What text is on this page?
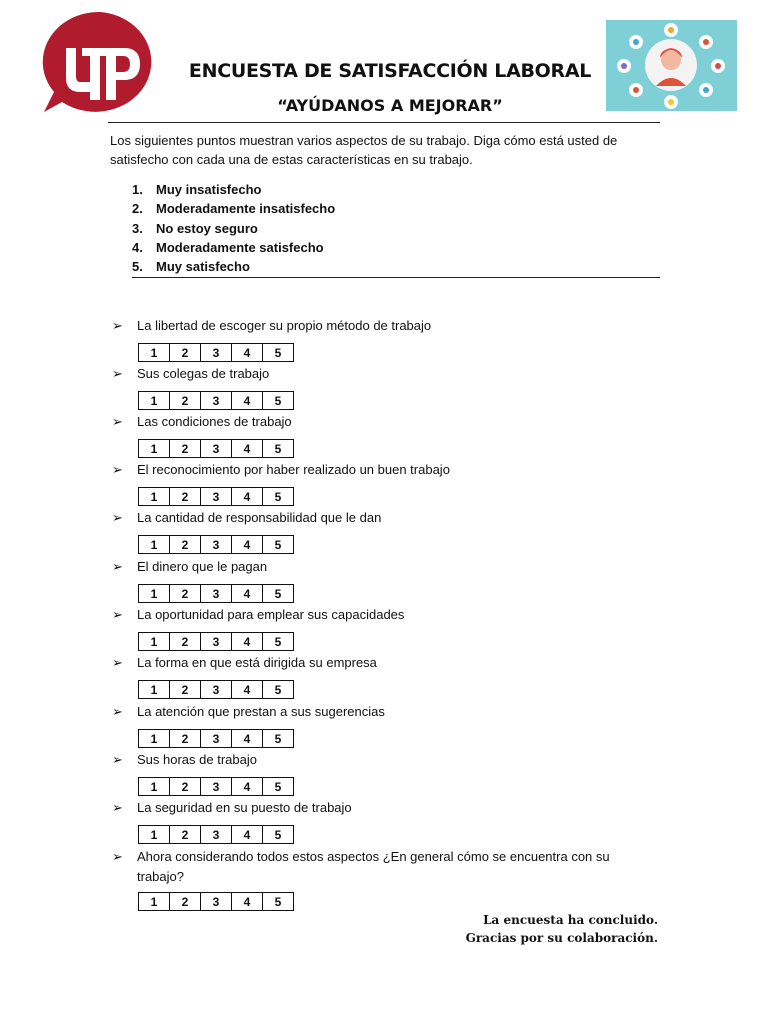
ENCUESTA DE SATISFACCIÓN LABORAL
“AYÚDANOS A MEJORAR”
Los siguientes puntos muestran varios aspectos de su trabajo. Diga cómo está usted de satisfecho con cada una de estas características en su trabajo.
1. Muy insatisfecho
2. Moderadamente insatisfecho
3. No estoy seguro
4. Moderadamente satisfecho
5. Muy satisfecho
➢ La libertad de escoger su propio método de trabajo
1	2	3	4	5
➢ Sus colegas de trabajo
1	2	3	4	5
➢ Las condiciones de trabajo
1	2	3	4	5
➢ El reconocimiento por haber realizado un buen trabajo
1	2	3	4	5
➢ La cantidad de responsabilidad que le dan
1	2	3	4	5
➢ El dinero que le pagan
1	2	3	4	5
➢ La oportunidad para emplear sus capacidades
1	2	3	4	5
➢ La forma en que está dirigida su empresa
1	2	3	4	5
➢ La atención que prestan a sus sugerencias
1	2	3	4	5
➢ Sus horas de trabajo
1	2	3	4	5
➢ La seguridad en su puesto de trabajo
1	2	3	4	5
➢ Ahora considerando todos estos aspectos ¿En general cómo se encuentra con su trabajo?
1	2	3	4	5
La encuesta ha concluido.
Gracias por su colaboración.
